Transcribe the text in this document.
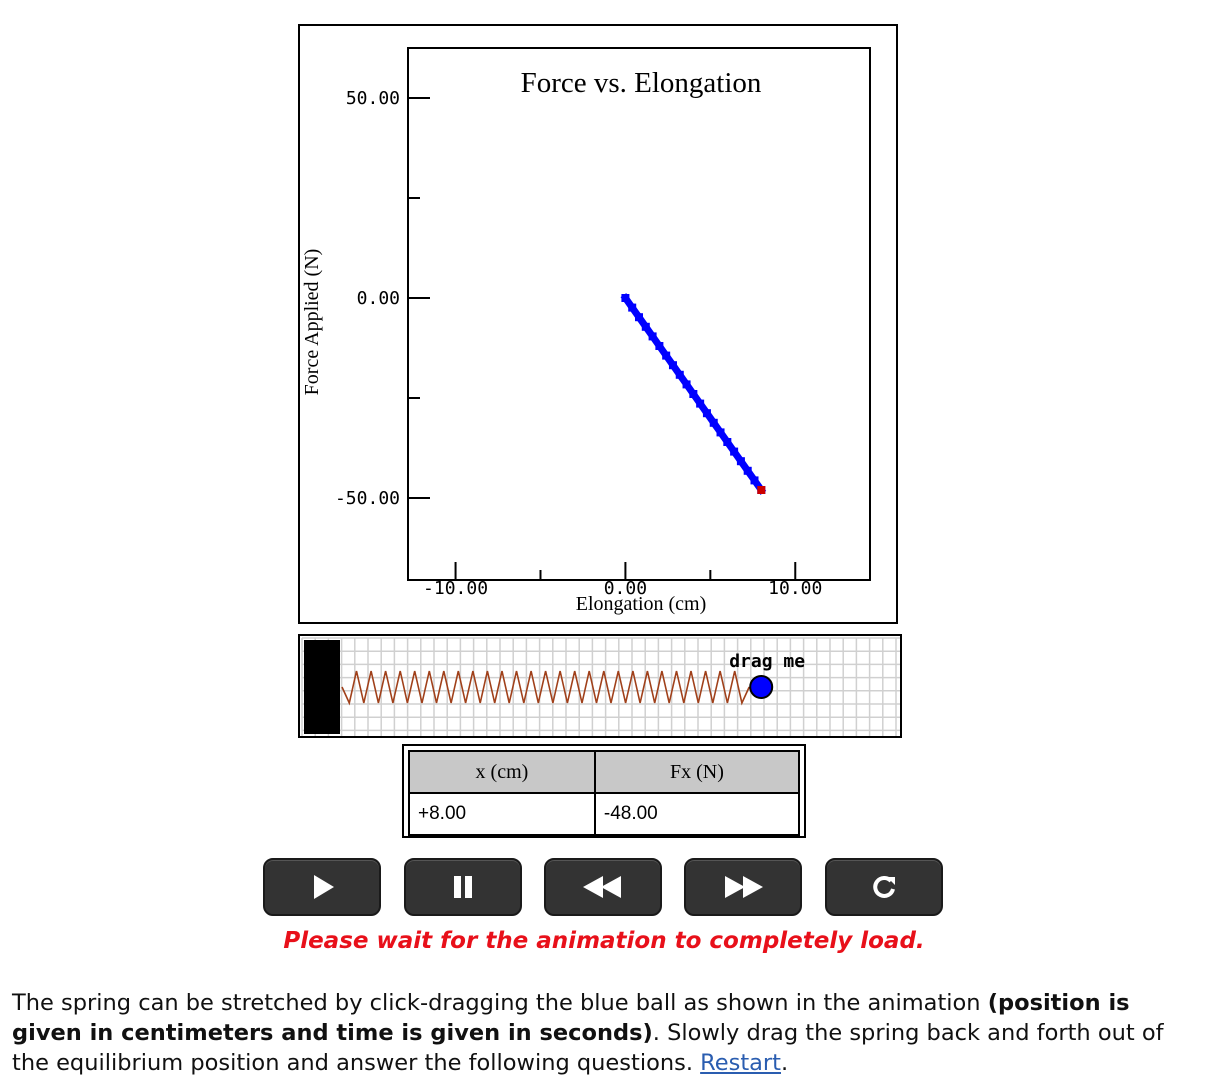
Force vs. Elongation
50.00
0.00
-50.00
-10.00	0.00	10.00
Elongation (cm)
Force Applied (N)
drag me
x (cm)	Fx (N)
+8.00	-48.00
Please wait for the animation to completely load.
The spring can be stretched by click-dragging the blue ball as shown in the animation (position is given in centimeters and time is given in seconds). Slowly drag the spring back and forth out of the equilibrium position and answer the following questions. Restart.
